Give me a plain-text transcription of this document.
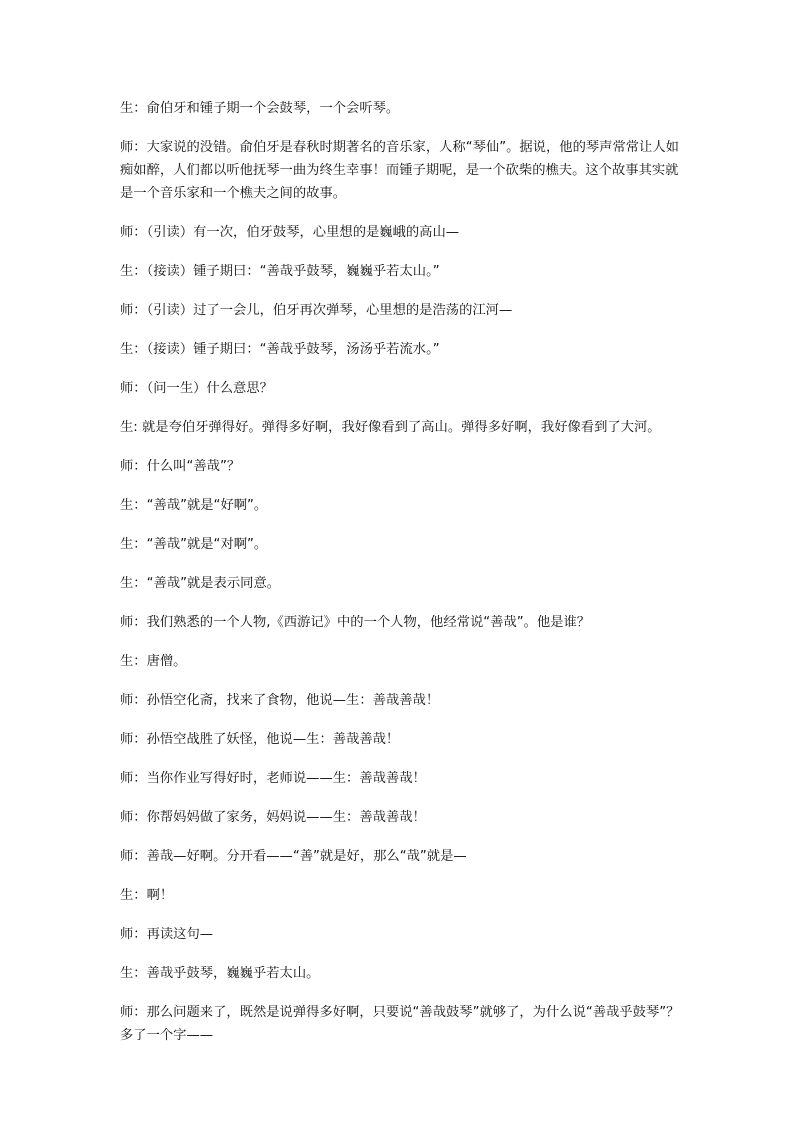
生：俞伯牙和锺子期一个会鼓琴，一个会听琴。

师：大家说的没错。俞伯牙是春秋时期著名的音乐家，人称“琴仙”。据说，他的琴声常常让人如痴如醉，人们都以听他抚琴一曲为终生幸事！而锺子期呢，是一个砍柴的樵夫。这个故事其实就是一个音乐家和一个樵夫之间的故事。

师：（引读）有一次，伯牙鼓琴，心里想的是巍峨的高山—

生：（接读）锺子期曰：“善哉乎鼓琴，巍巍乎若太山。”

师：（引读）过了一会儿，伯牙再次弹琴，心里想的是浩荡的江河—

生：（接读）锺子期曰：“善哉乎鼓琴，汤汤乎若流水。”

师：（问一生）什么意思？

生: 就是夸伯牙弹得好。弹得多好啊，我好像看到了高山。弹得多好啊，我好像看到了大河。

师：什么叫“善哉”？

生：“善哉”就是“好啊”。

生：“善哉”就是“对啊”。

生：“善哉”就是表示同意。

师：我们熟悉的一个人物,《西游记》中的一个人物，他经常说“善哉”。他是谁？

生：唐僧。

师：孙悟空化斋，找来了食物，他说—生：善哉善哉！

师：孙悟空战胜了妖怪，他说—生：善哉善哉！

师：当你作业写得好时，老师说——生：善哉善哉！

师：你帮妈妈做了家务，妈妈说——生：善哉善哉！

师：善哉—好啊。分开看——“善”就是好，那么“哉”就是—

生：啊！

师：再读这句—

生：善哉乎鼓琴，巍巍乎若太山。

师：那么问题来了，既然是说弹得多好啊，只要说“善哉鼓琴”就够了，为什么说“善哉乎鼓琴”？多了一个字——
